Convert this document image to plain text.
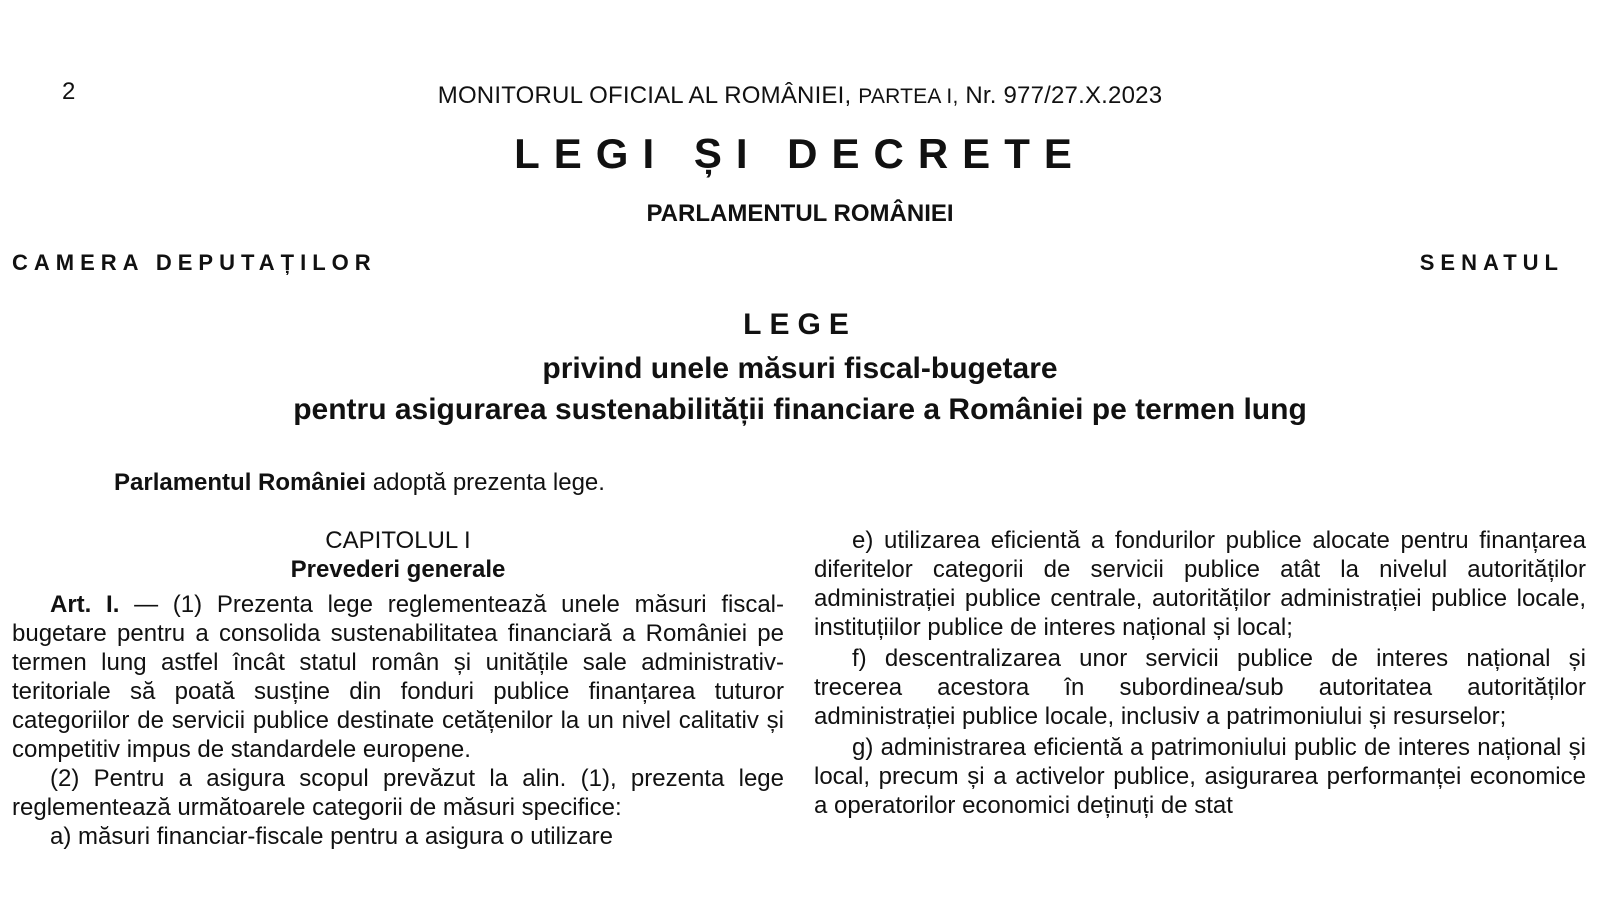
2	MONITORUL OFICIAL AL ROMÂNIEI, PARTEA I, Nr. 977/27.X.2023
LEGI ȘI DECRETE
PARLAMENTUL ROMÂNIEI
CAMERA DEPUTAȚILOR	SENATUL
LEGE
privind unele măsuri fiscal-bugetare
pentru asigurarea sustenabilității financiare a României pe termen lung
Parlamentul României adoptă prezenta lege.
CAPITOLUL I
Prevederi generale

Art. I. — (1) Prezenta lege reglementează unele măsuri fiscal-bugetare pentru a consolida sustenabilitatea financiară a României pe termen lung astfel încât statul român și unitățile sale administrativ-teritoriale să poată susține din fonduri publice finanțarea tuturor categoriilor de servicii publice destinate cetățenilor la un nivel calitativ și competitiv impus de standardele europene.

(2) Pentru a asigura scopul prevăzut la alin. (1), prezenta lege reglementează următoarele categorii de măsuri specifice:

a) măsuri financiar-fiscale pentru a asigura o utilizare

e) utilizarea eficientă a fondurilor publice alocate pentru finanțarea diferitelor categorii de servicii publice atât la nivelul autorităților administrației publice centrale, autorităților administrației publice locale, instituțiilor publice de interes național și local;

f) descentralizarea unor servicii publice de interes național și trecerea acestora în subordinea/sub autoritatea autorităților administrației publice locale, inclusiv a patrimoniului și resurselor;

g) administrarea eficientă a patrimoniului public de interes național și local, precum și a activelor publice, asigurarea performanței economice a operatorilor economici deținuți de stat
